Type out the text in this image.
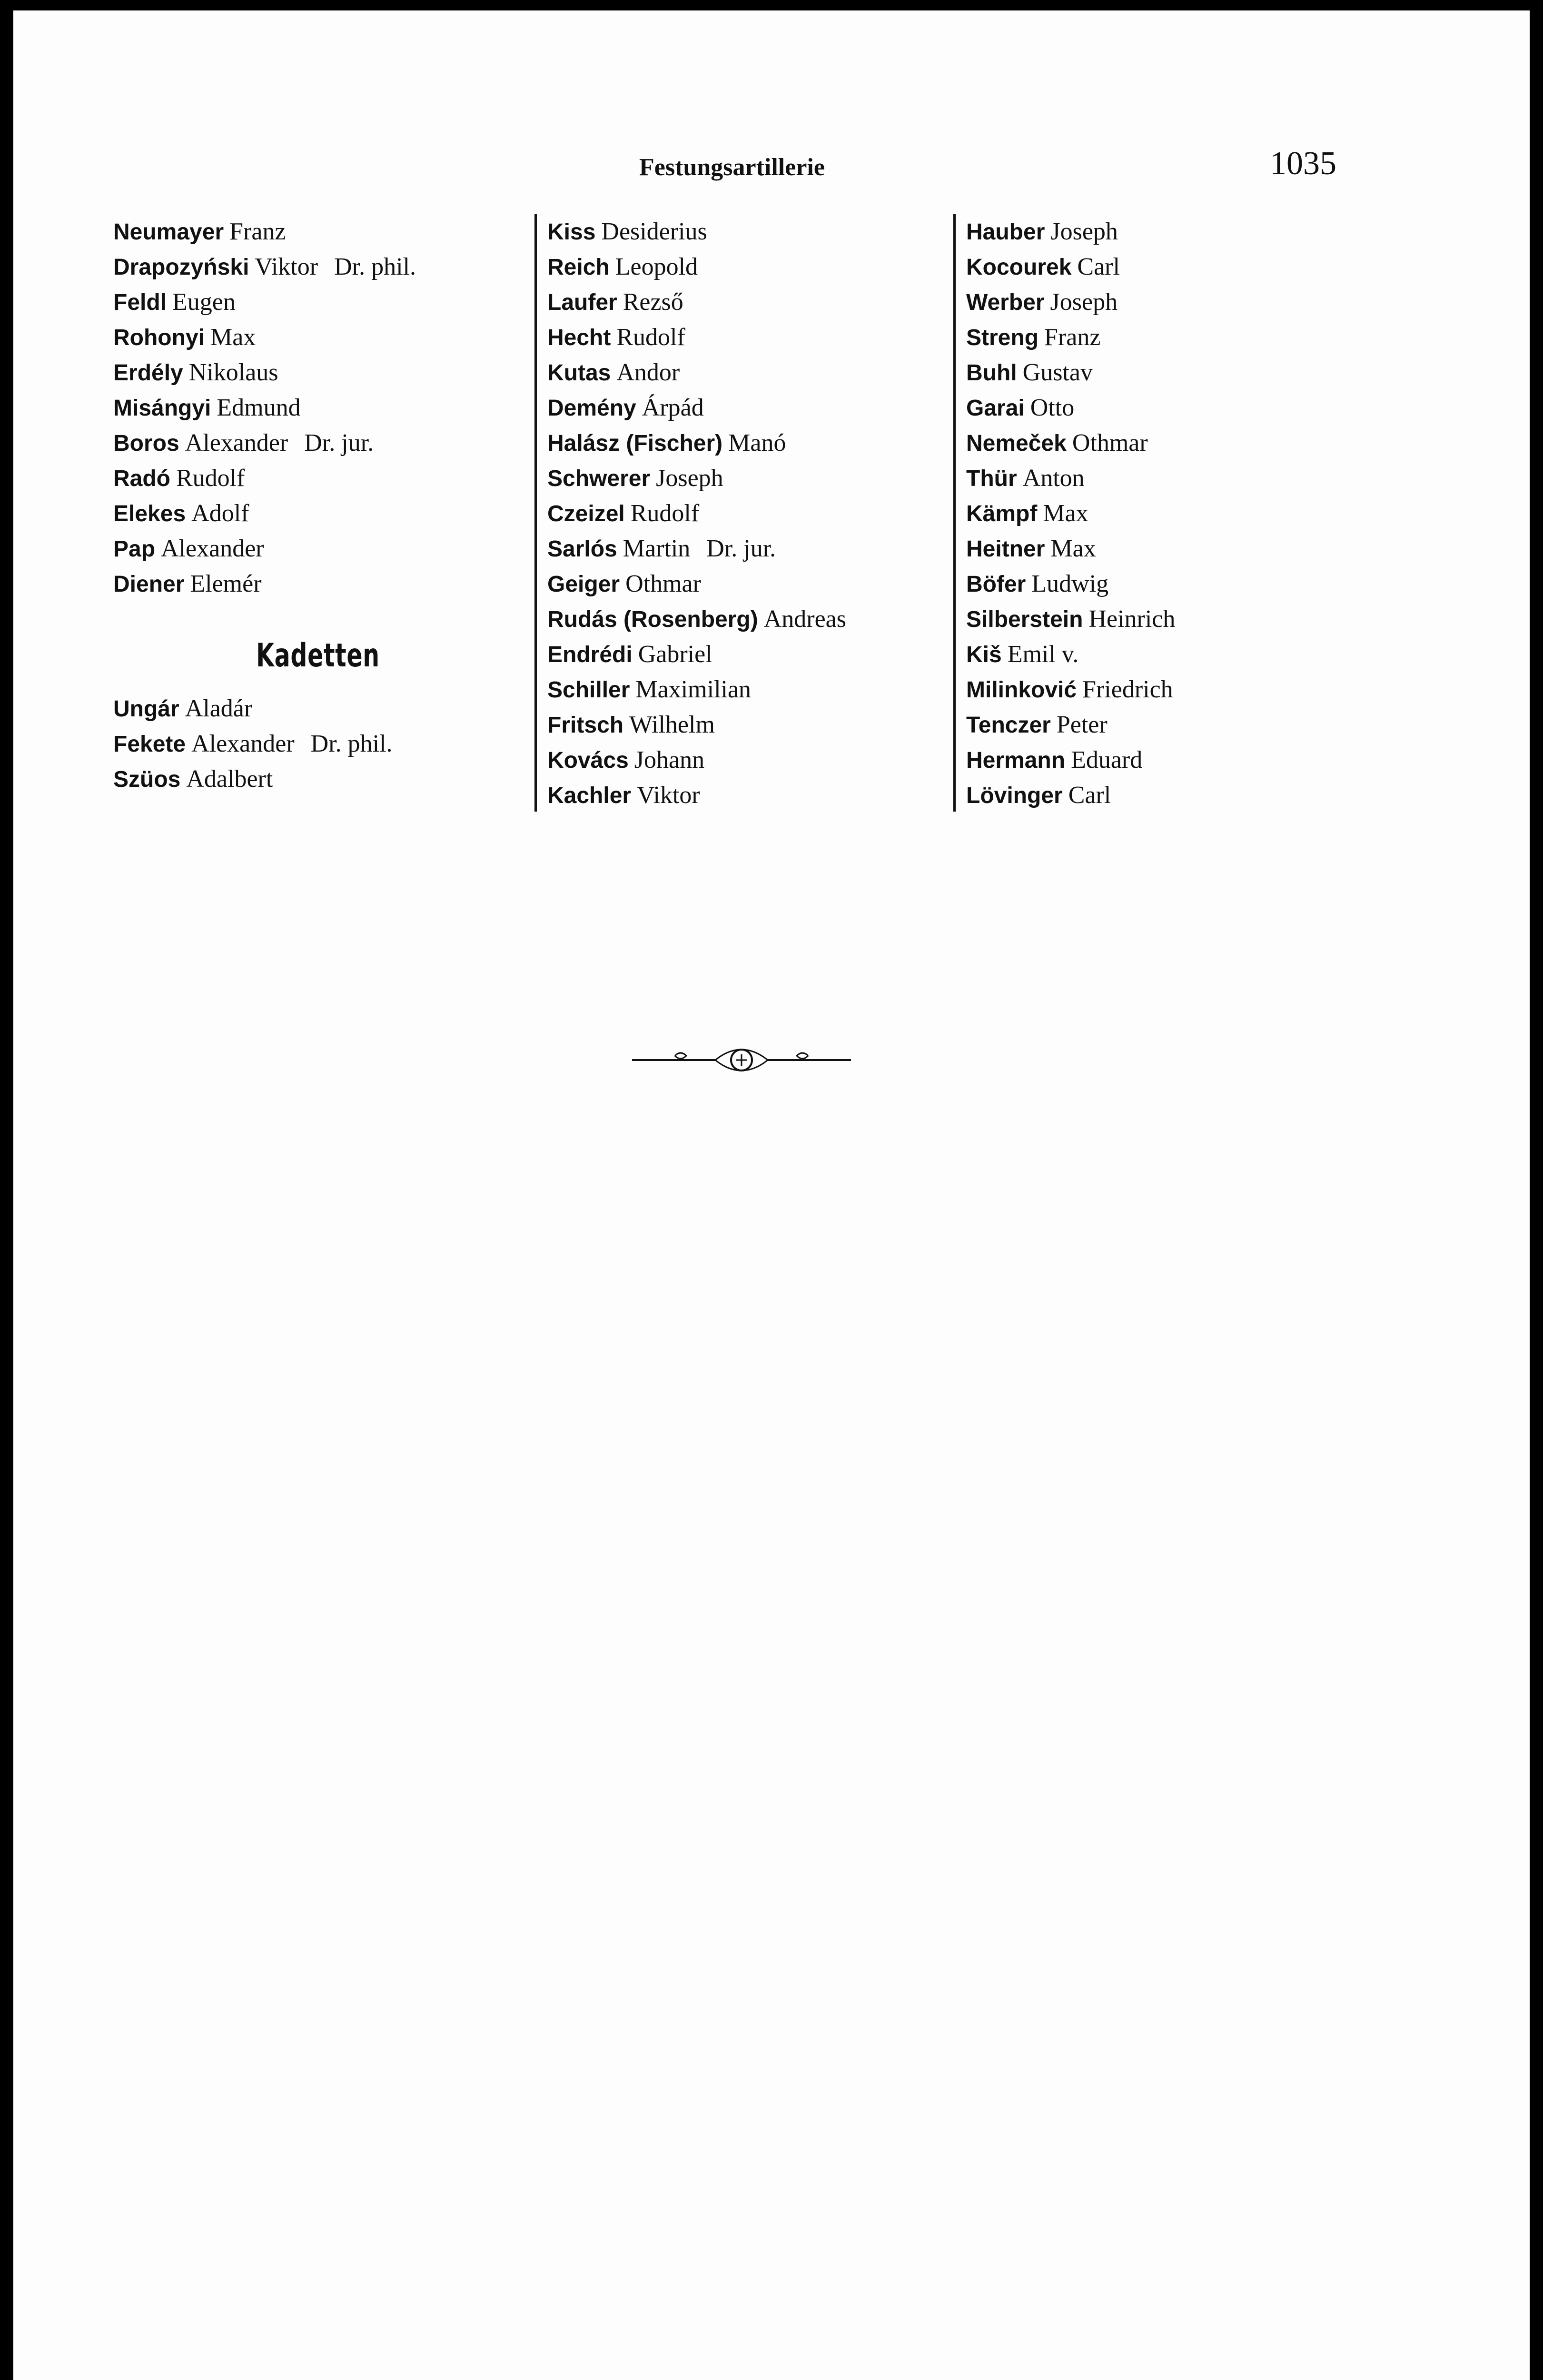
Festungsartillerie	1035
Neumayer Franz
Drapozyński Viktor Dr. phil.
Feldl Eugen
Rohonyi Max
Erdély Nikolaus
Misángyi Edmund
Boros Alexander Dr. jur.
Radó Rudolf
Elekes Adolf
Pap Alexander
Diener Elemér
Kadetten
Ungár Aladár
Fekete Alexander Dr. phil.
Szüos Adalbert
Kiss Desiderius
Reich Leopold
Laufer Rezső
Hecht Rudolf
Kutas Andor
Demény Árpád
Halász (Fischer) Manó
Schwerer Joseph
Czeizel Rudolf
Sarlós Martin Dr. jur.
Geiger Othmar
Rudás (Rosenberg) Andreas
Endrédi Gabriel
Schiller Maximilian
Fritsch Wilhelm
Kovács Johann
Kachler Viktor
Hauber Joseph
Kocourek Carl
Werber Joseph
Streng Franz
Buhl Gustav
Garai Otto
Nemeček Othmar
Thür Anton
Kämpf Max
Heitner Max
Böfer Ludwig
Silberstein Heinrich
Kiš Emil v.
Milinković Friedrich
Tenczer Peter
Hermann Eduard
Lövinger Carl
